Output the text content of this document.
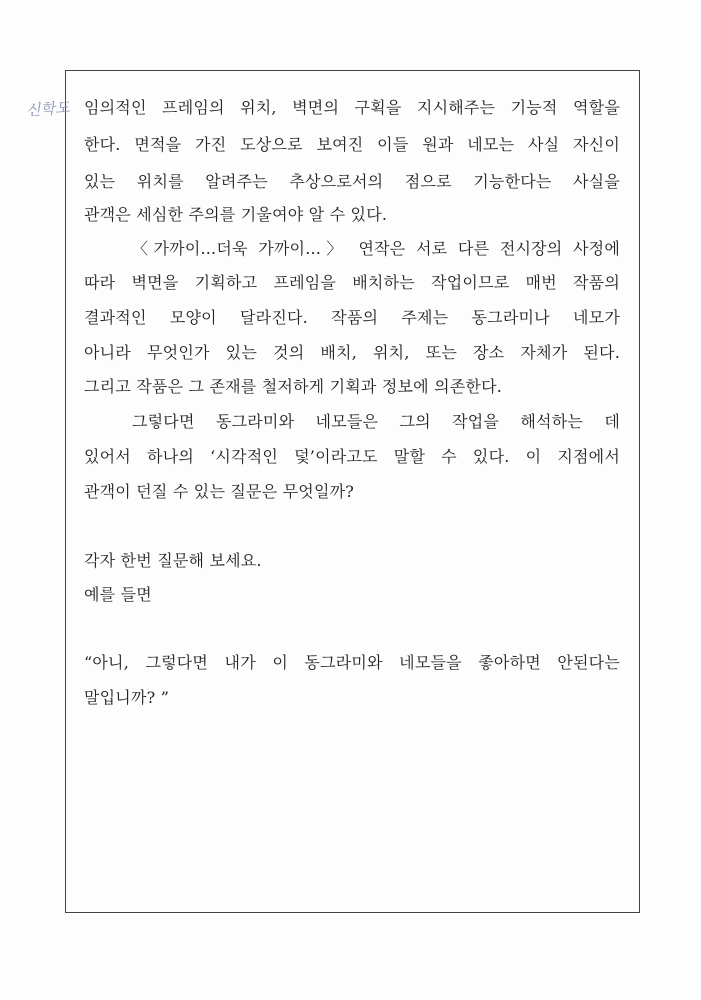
신학도 임의적인 프레임의 위치, 벽면의 구획을 지시해주는 기능적 역할을
한다. 면적을 가진 도상으로 보여진 이들 원과 네모는 사실 자신이
있는 위치를 알려주는 추상으로서의 점으로 기능한다는 사실을
관객은 세심한 주의를 기울여야 알 수 있다.
〈가까이...더욱 가까이...〉 연작은 서로 다른 전시장의 사정에
따라 벽면을 기획하고 프레임을 배치하는 작업이므로 매번 작품의
결과적인 모양이 달라진다. 작품의 주제는 동그라미나 네모가
아니라 무엇인가 있는 것의 배치, 위치, 또는 장소 자체가 된다.
그리고 작품은 그 존재를 철저하게 기획과 정보에 의존한다.
그렇다면 동그라미와 네모들은 그의 작업을 해석하는 데
있어서 하나의 ‘시각적인 덫’이라고도 말할 수 있다. 이 지점에서
관객이 던질 수 있는 질문은 무엇일까?
각자 한번 질문해 보세요.
예를 들면
“아니, 그렇다면 내가 이 동그라미와 네모들을 좋아하면 안된다는
말입니까? ”
